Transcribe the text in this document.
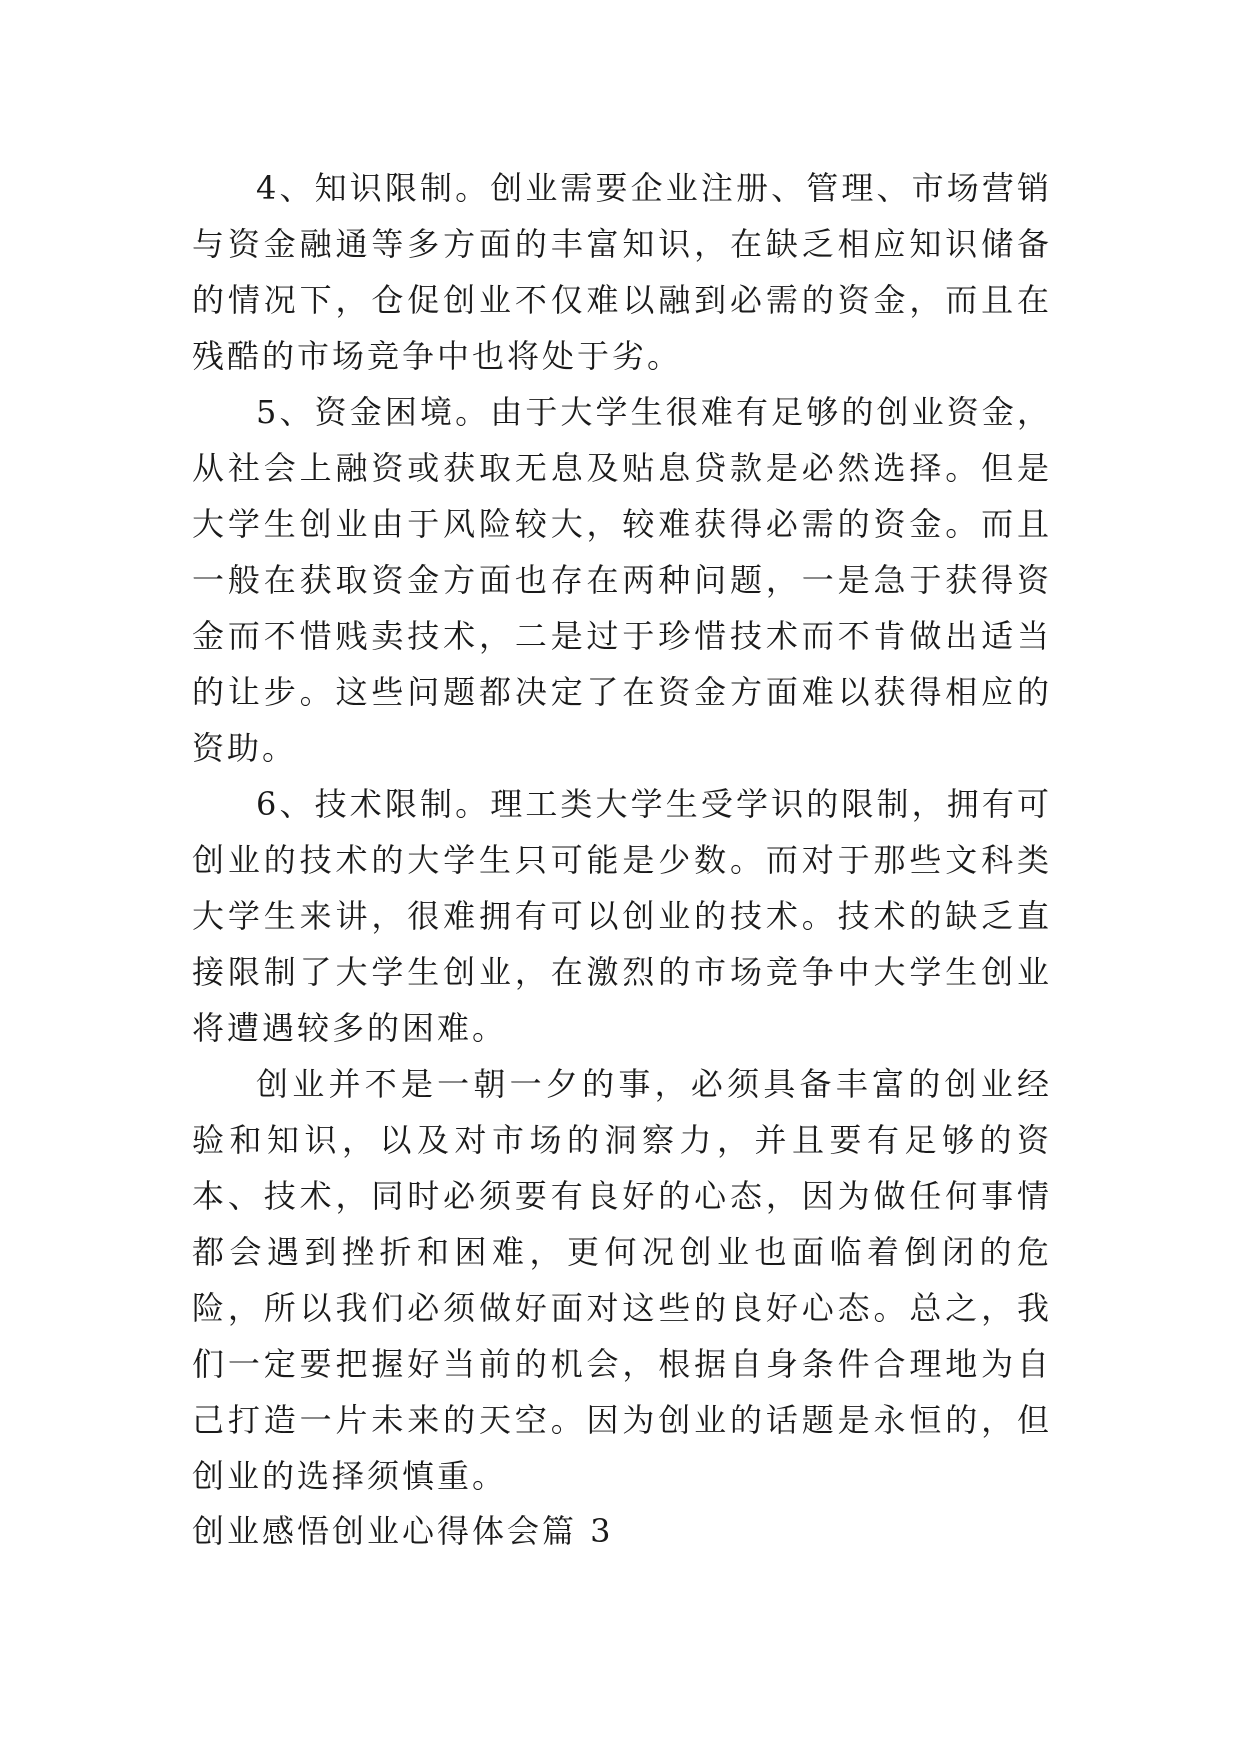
4、知识限制。创业需要企业注册、管理、市场营销与资金融通等多方面的丰富知识，在缺乏相应知识储备的情况下，仓促创业不仅难以融到必需的资金，而且在残酷的市场竞争中也将处于劣。

5、资金困境。由于大学生很难有足够的创业资金，从社会上融资或获取无息及贴息贷款是必然选择。但是大学生创业由于风险较大，较难获得必需的资金。而且一般在获取资金方面也存在两种问题，一是急于获得资金而不惜贱卖技术，二是过于珍惜技术而不肯做出适当的让步。这些问题都决定了在资金方面难以获得相应的资助。

6、技术限制。理工类大学生受学识的限制，拥有可创业的技术的大学生只可能是少数。而对于那些文科类大学生来讲，很难拥有可以创业的技术。技术的缺乏直接限制了大学生创业，在激烈的市场竞争中大学生创业将遭遇较多的困难。

创业并不是一朝一夕的事，必须具备丰富的创业经验和知识，以及对市场的洞察力，并且要有足够的资本、技术，同时必须要有良好的心态，因为做任何事情都会遇到挫折和困难，更何况创业也面临着倒闭的危险，所以我们必须做好面对这些的良好心态。总之，我们一定要把握好当前的机会，根据自身条件合理地为自己打造一片未来的天空。因为创业的话题是永恒的，但创业的选择须慎重。

创业感悟创业心得体会篇 3
